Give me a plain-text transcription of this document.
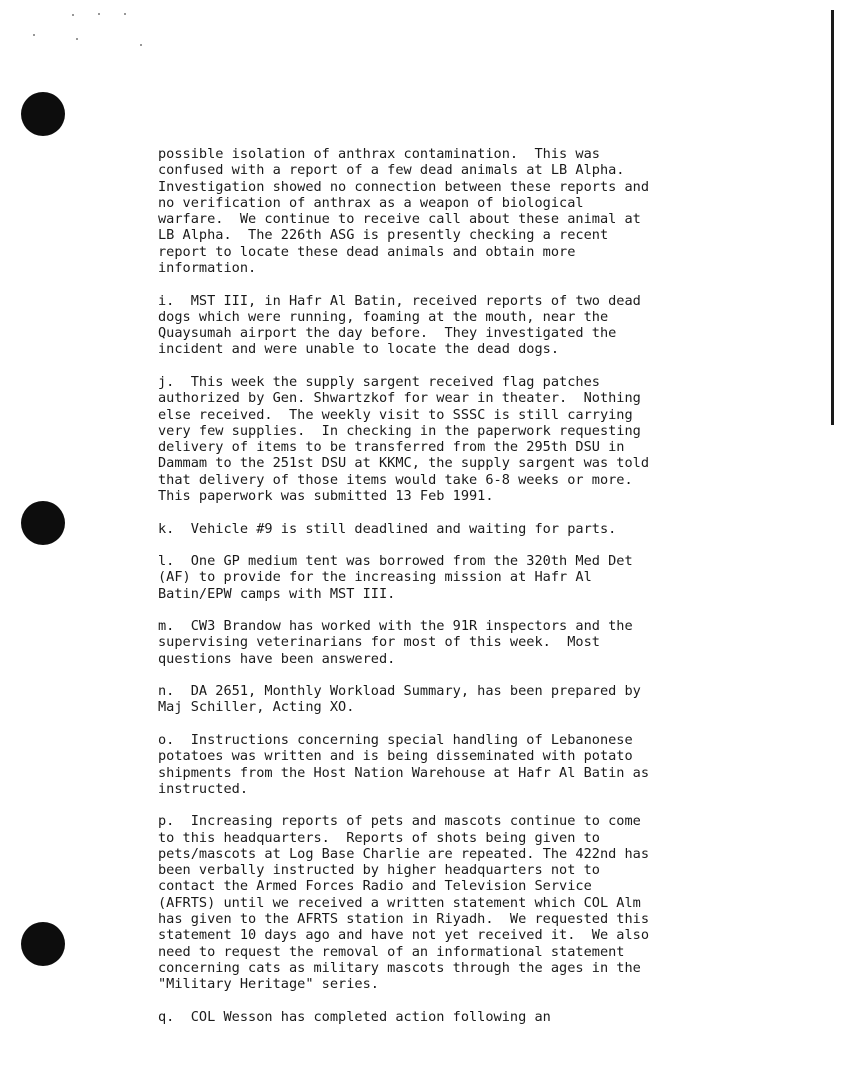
possible isolation of anthrax contamination.  This was
confused with a report of a few dead animals at LB Alpha.
Investigation showed no connection between these reports and
no verification of anthrax as a weapon of biological
warfare.  We continue to receive call about these animal at
LB Alpha.  The 226th ASG is presently checking a recent
report to locate these dead animals and obtain more
information.
i.  MST III, in Hafr Al Batin, received reports of two dead
dogs which were running, foaming at the mouth, near the
Quaysumah airport the day before.  They investigated the
incident and were unable to locate the dead dogs.
j.  This week the supply sargent received flag patches
authorized by Gen. Shwartzkof for wear in theater.  Nothing
else received.  The weekly visit to SSSC is still carrying
very few supplies.  In checking in the paperwork requesting
delivery of items to be transferred from the 295th DSU in
Dammam to the 251st DSU at KKMC, the supply sargent was told
that delivery of those items would take 6-8 weeks or more.
This paperwork was submitted 13 Feb 1991.
k.  Vehicle #9 is still deadlined and waiting for parts.
l.  One GP medium tent was borrowed from the 320th Med Det
(AF) to provide for the increasing mission at Hafr Al
Batin/EPW camps with MST III.
m.  CW3 Brandow has worked with the 91R inspectors and the
supervising veterinarians for most of this week.  Most
questions have been answered.
n.  DA 2651, Monthly Workload Summary, has been prepared by
Maj Schiller, Acting XO.
o.  Instructions concerning special handling of Lebanonese
potatoes was written and is being disseminated with potato
shipments from the Host Nation Warehouse at Hafr Al Batin as
instructed.
p.  Increasing reports of pets and mascots continue to come
to this headquarters.  Reports of shots being given to
pets/mascots at Log Base Charlie are repeated. The 422nd has
been verbally instructed by higher headquarters not to
contact the Armed Forces Radio and Television Service
(AFRTS) until we received a written statement which COL Alm
has given to the AFRTS station in Riyadh.  We requested this
statement 10 days ago and have not yet received it.  We also
need to request the removal of an informational statement
concerning cats as military mascots through the ages in the
"Military Heritage" series.
q.  COL Wesson has completed action following an
